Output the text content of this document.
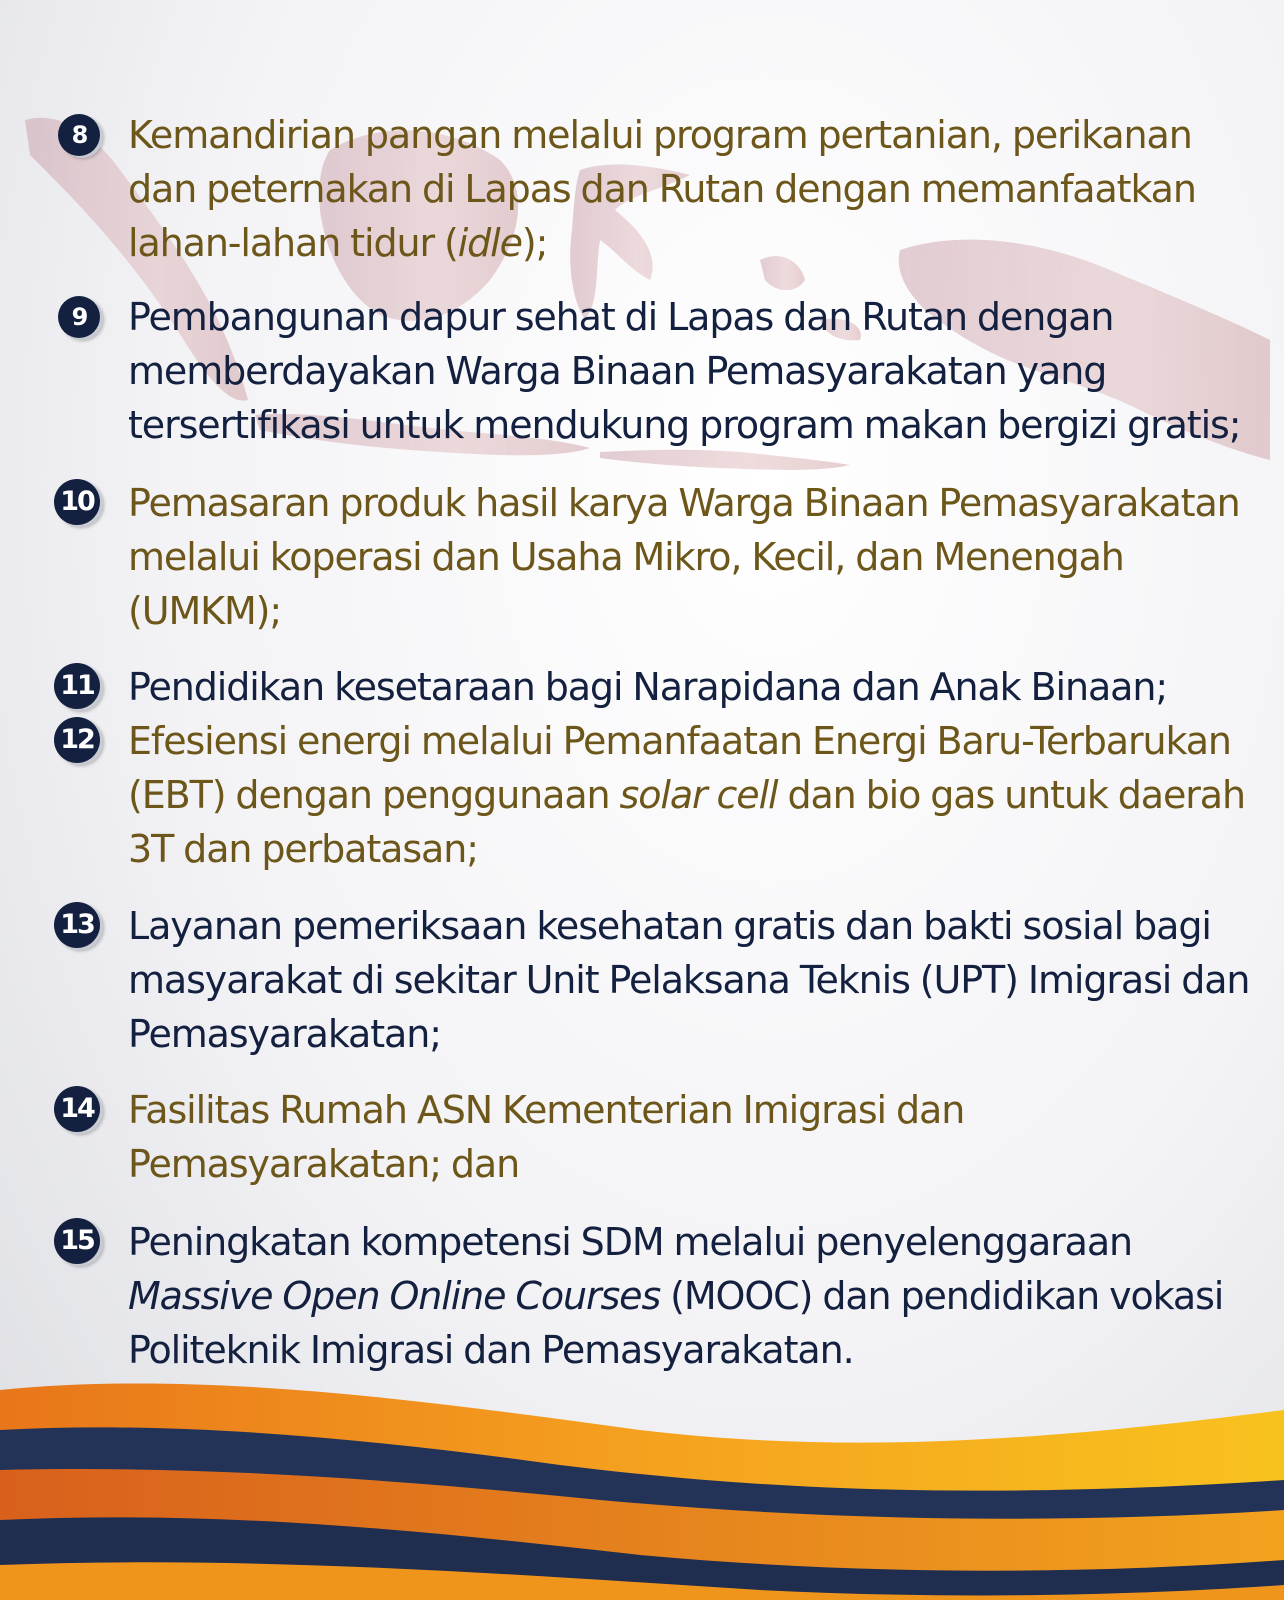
8	Kemandirian pangan melalui program pertanian, perikanan dan peternakan di Lapas dan Rutan dengan memanfaatkan lahan-lahan tidur (idle);

9	Pembangunan dapur sehat di Lapas dan Rutan dengan memberdayakan Warga Binaan Pemasyarakatan yang tersertifikasi untuk mendukung program makan bergizi gratis;

10 Pemasaran produk hasil karya Warga Binaan Pemasyarakatan melalui koperasi dan Usaha Mikro, Kecil, dan Menengah (UMKM);

11 Pendidikan kesetaraan bagi Narapidana dan Anak Binaan;

12 Efesiensi energi melalui Pemanfaatan Energi Baru-Terbarukan (EBT) dengan penggunaan solar cell dan bio gas untuk daerah 3T dan perbatasan;

13 Layanan pemeriksaan kesehatan gratis dan bakti sosial bagi masyarakat di sekitar Unit Pelaksana Teknis (UPT) Imigrasi dan Pemasyarakatan;

14 Fasilitas Rumah ASN Kementerian Imigrasi dan Pemasyarakatan; dan

15 Peningkatan kompetensi SDM melalui penyelenggaraan Massive Open Online Courses (MOOC) dan pendidikan vokasi Politeknik Imigrasi dan Pemasyarakatan.
